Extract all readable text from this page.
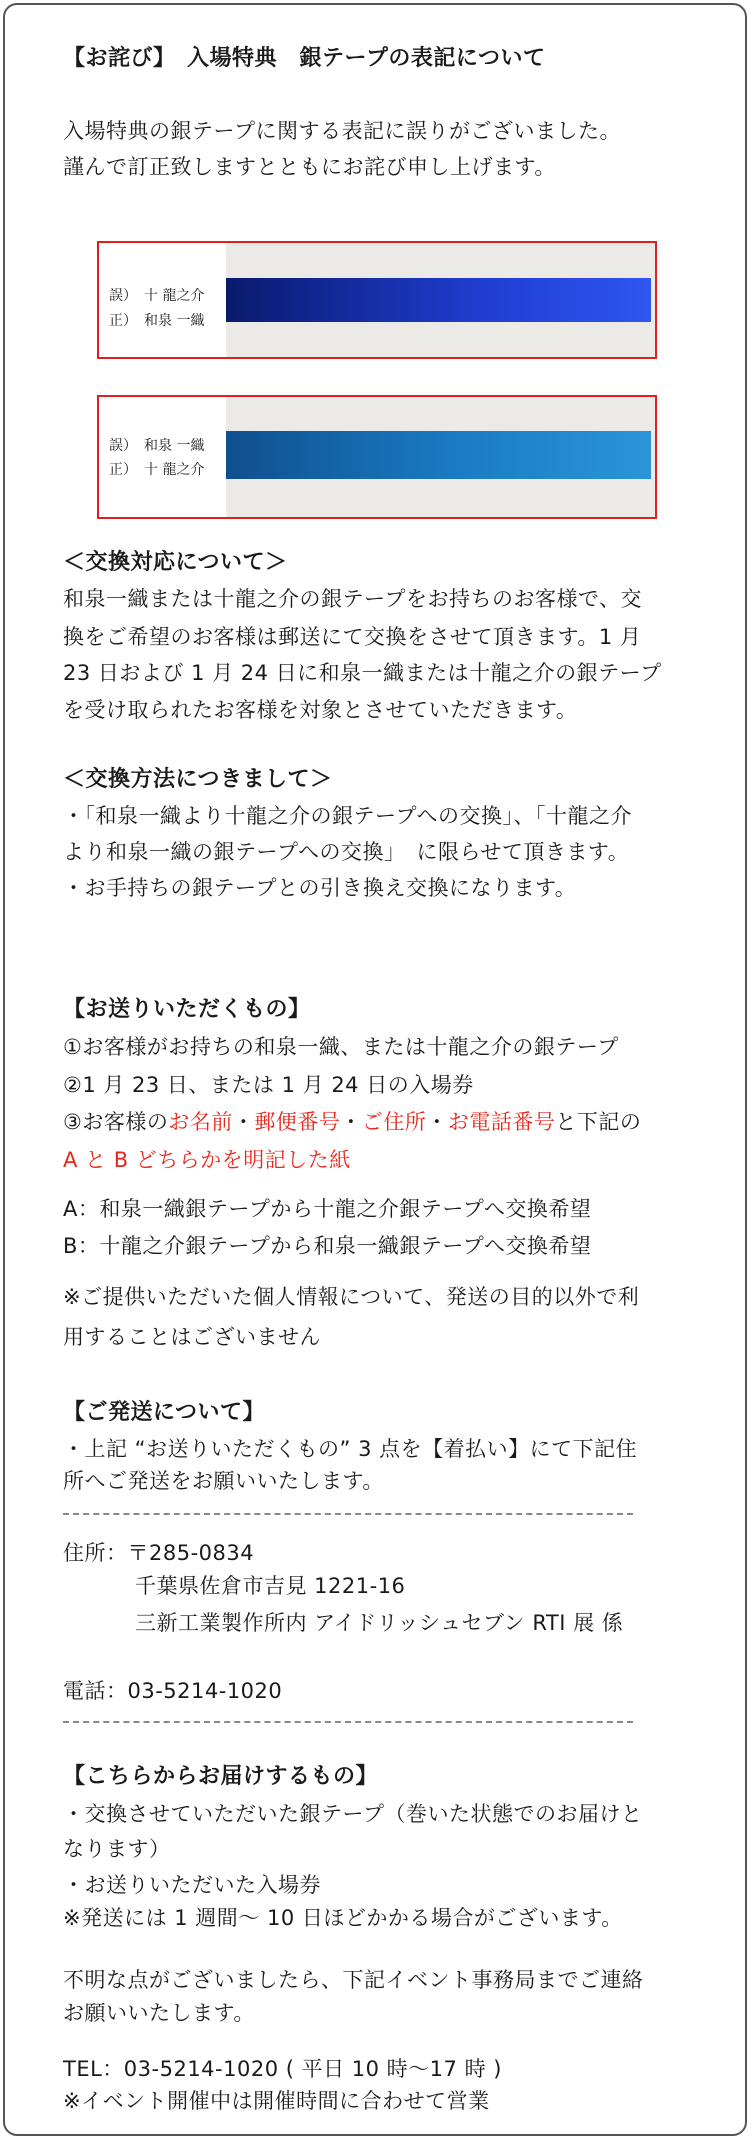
【お詫び】　入場特典　銀テープの表記について
入場特典の銀テープに関する表記に誤りがございました。
謹んで訂正致しますとともにお詫び申し上げます。
誤）　十 龍之介
正）　和泉 一織
誤）　和泉 一織
正）　十 龍之介
＜交換対応について＞
和泉一織または十龍之介の銀テープをお持ちのお客様で、交
換をご希望のお客様は郵送にて交換をさせて頂きます。1 月
23 日および 1 月 24 日に和泉一織または十龍之介の銀テープ
を受け取られたお客様を対象とさせていただきます。
＜交換方法につきまして＞
・「和泉一織より十龍之介の銀テープへの交換」、「十龍之介
より和泉一織の銀テープへの交換」　に限らせて頂きます。
・お手持ちの銀テープとの引き換え交換になります。
【お送りいただくもの】
①お客様がお持ちの和泉一織、または十龍之介の銀テープ
②1 月 23 日、または 1 月 24 日の入場券
③お客様のお名前・郵便番号・ご住所・お電話番号と下記の
A と B どちらかを明記した紙
A：和泉一織銀テープから十龍之介銀テープへ交換希望
B：十龍之介銀テープから和泉一織銀テープへ交換希望
※ご提供いただいた個人情報について、発送の目的以外で利
用することはございません
【ご発送について】
・上記 “お送りいただくもの” 3 点を【着払い】にて下記住
所へご発送をお願いいたします。
住所：〒285-0834
千葉県佐倉市吉見 1221-16
三新工業製作所内 アイドリッシュセブン RTI 展 係
電話：03-5214-1020
【こちらからお届けするもの】
・交換させていただいた銀テープ（巻いた状態でのお届けと
なります）
・お送りいただいた入場券
※発送には 1 週間～ 10 日ほどかかる場合がございます。
不明な点がございましたら、下記イベント事務局までご連絡
お願いいたします。
TEL：03-5214-1020 ( 平日 10 時～17 時 )
※イベント開催中は開催時間に合わせて営業
